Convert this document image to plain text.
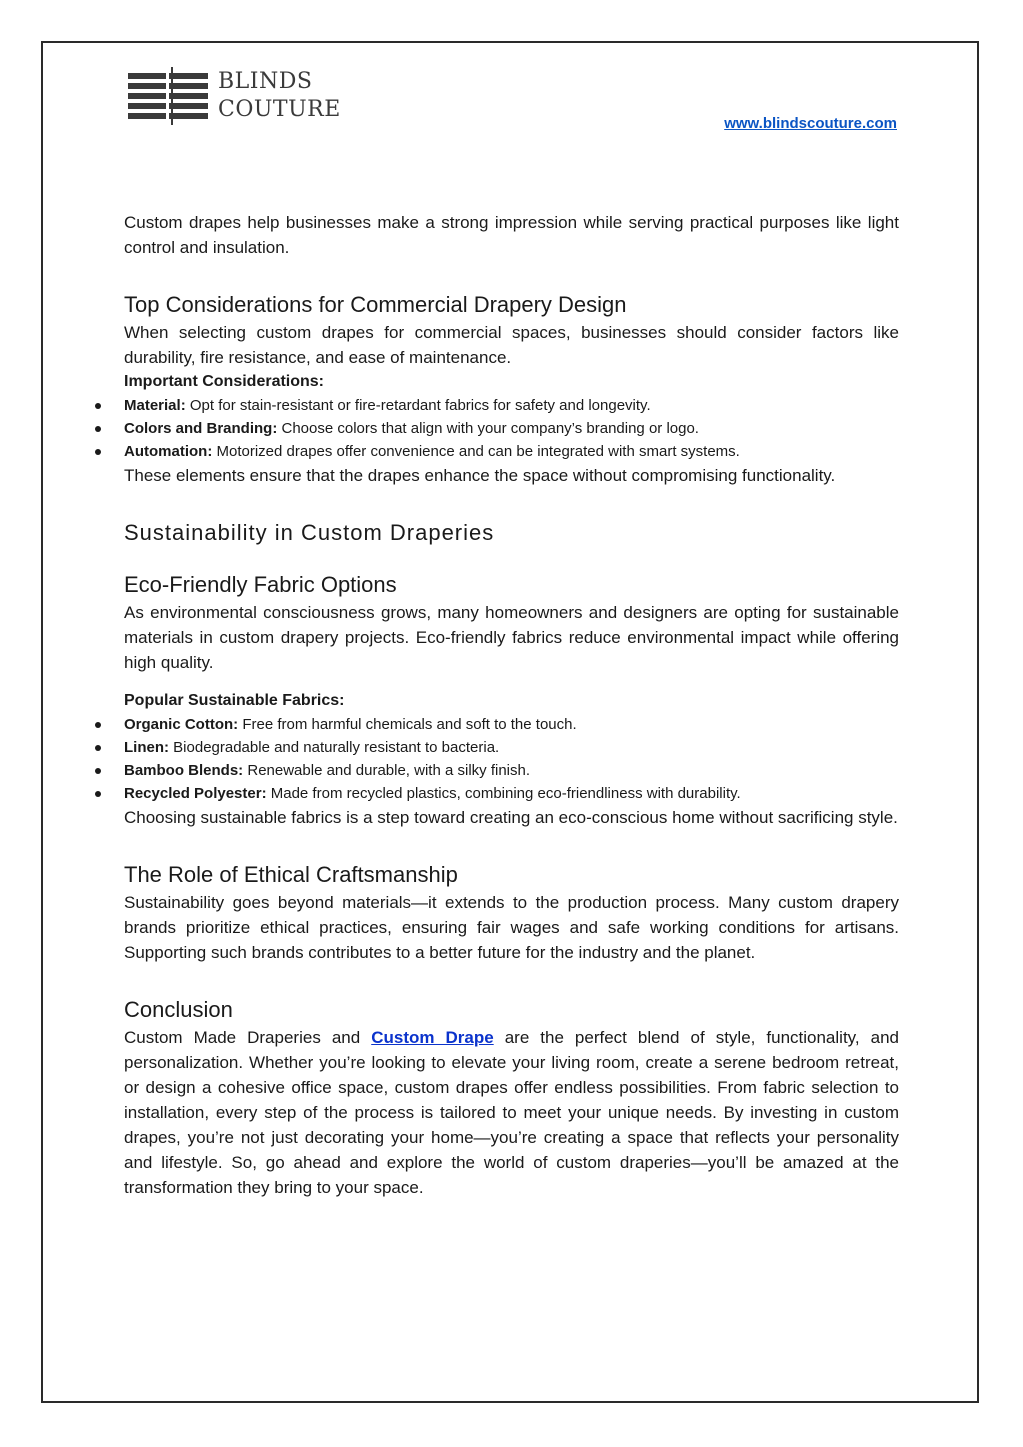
BLINDS
COUTURE
www.blindscouture.com

Custom drapes help businesses make a strong impression while serving practical purposes like light control and insulation.

Top Considerations for Commercial Drapery Design

When selecting custom drapes for commercial spaces, businesses should consider factors like durability, fire resistance, and ease of maintenance.

Important Considerations:

Material: Opt for stain-resistant or fire-retardant fabrics for safety and longevity.
Colors and Branding: Choose colors that align with your company’s branding or logo.
Automation: Motorized drapes offer convenience and can be integrated with smart systems.

These elements ensure that the drapes enhance the space without compromising functionality.

Sustainability in Custom Draperies
Eco-Friendly Fabric Options

As environmental consciousness grows, many homeowners and designers are opting for sustainable materials in custom drapery projects. Eco-friendly fabrics reduce environmental impact while offering high quality.

Popular Sustainable Fabrics:

Organic Cotton: Free from harmful chemicals and soft to the touch.
Linen: Biodegradable and naturally resistant to bacteria.
Bamboo Blends: Renewable and durable, with a silky finish.
Recycled Polyester: Made from recycled plastics, combining eco-friendliness with durability.

Choosing sustainable fabrics is a step toward creating an eco-conscious home without sacrificing style.

The Role of Ethical Craftsmanship

Sustainability goes beyond materials—it extends to the production process. Many custom drapery brands prioritize ethical practices, ensuring fair wages and safe working conditions for artisans. Supporting such brands contributes to a better future for the industry and the planet.

Conclusion

Custom Made Draperies and Custom Drape are the perfect blend of style, functionality, and personalization. Whether you’re looking to elevate your living room, create a serene bedroom retreat, or design a cohesive office space, custom drapes offer endless possibilities. From fabric selection to installation, every step of the process is tailored to meet your unique needs. By investing in custom drapes, you’re not just decorating your home—you’re creating a space that reflects your personality and lifestyle. So, go ahead and explore the world of custom draperies—you’ll be amazed at the transformation they bring to your space.
